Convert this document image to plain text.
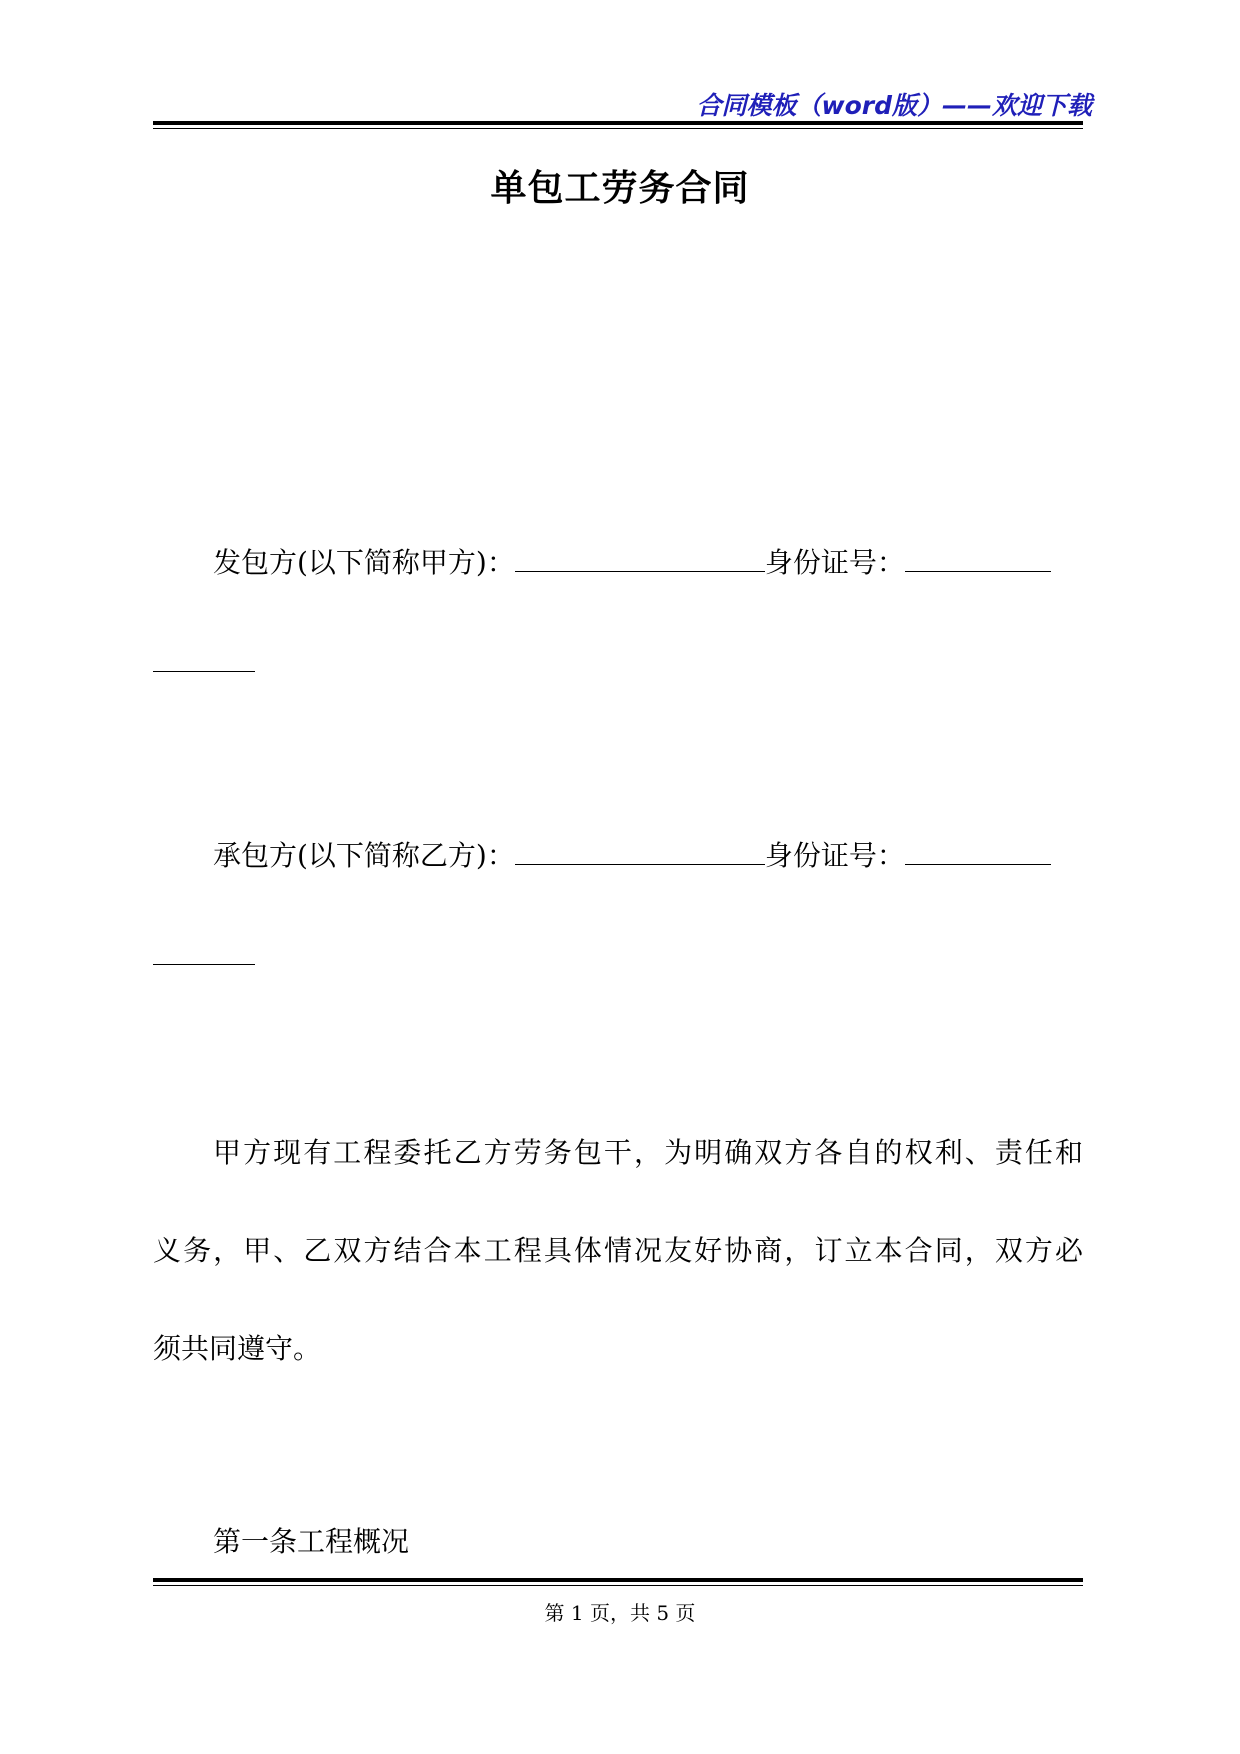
合同模板（word版）——欢迎下载
单包工劳务合同
发包方(以下简称甲方)：	身份证号：
承包方(以下简称乙方)：	身份证号：
甲方现有工程委托乙方劳务包干，为明确双方各自的权利、责任和
义务，甲、乙双方结合本工程具体情况友好协商，订立本合同，双方必
须共同遵守。
第一条工程概况
第 1 页，共 5 页
